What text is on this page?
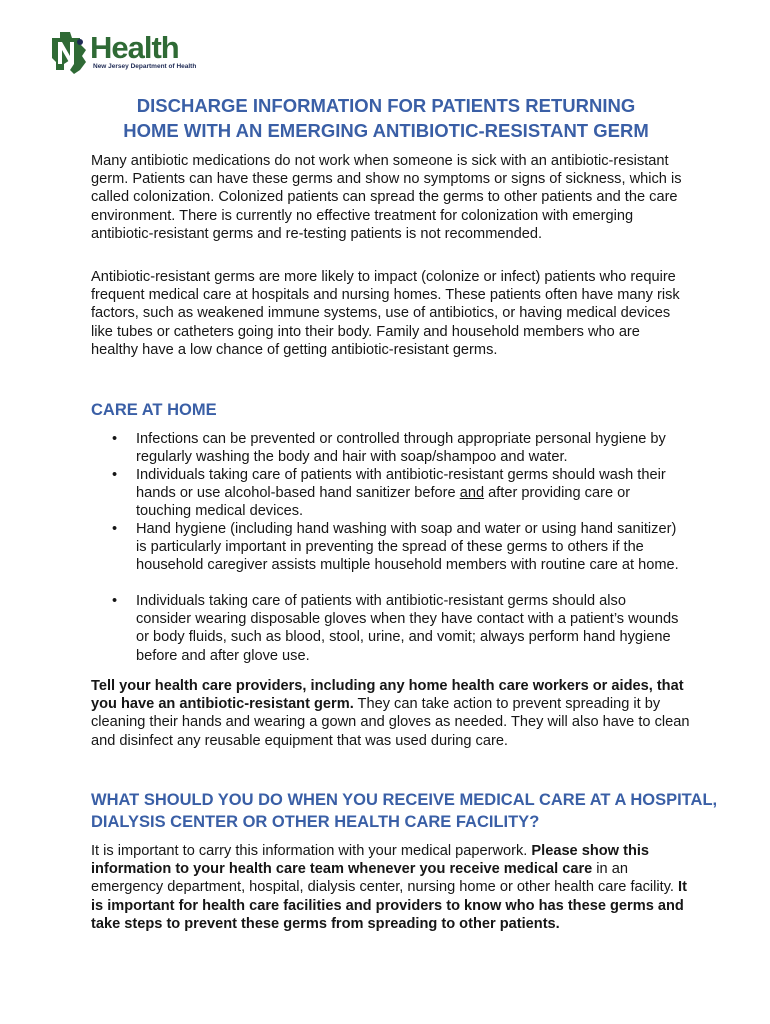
Health
New Jersey Department of Health
DISCHARGE INFORMATION FOR PATIENTS RETURNING
HOME WITH AN EMERGING ANTIBIOTIC-RESISTANT GERM

Many antibiotic medications do not work when someone is sick with an antibiotic-resistant germ. Patients can have these germs and show no symptoms or signs of sickness, which is called colonization. Colonized patients can spread the germs to other patients and the care environment. There is currently no effective treatment for colonization with emerging antibiotic-resistant germs and re-testing patients is not recommended.

Antibiotic-resistant germs are more likely to impact (colonize or infect) patients who require frequent medical care at hospitals and nursing homes. These patients often have many risk factors, such as weakened immune systems, use of antibiotics, or having medical devices like tubes or catheters going into their body. Family and household members who are healthy have a low chance of getting antibiotic-resistant germs.

CARE AT HOME
• Infections can be prevented or controlled through appropriate personal hygiene by regularly washing the body and hair with soap/shampoo and water.
• Individuals taking care of patients with antibiotic-resistant germs should wash their hands or use alcohol-based hand sanitizer before and after providing care or touching medical devices.
• Hand hygiene (including hand washing with soap and water or using hand sanitizer) is particularly important in preventing the spread of these germs to others if the household caregiver assists multiple household members with routine care at home.
• Individuals taking care of patients with antibiotic-resistant germs should also consider wearing disposable gloves when they have contact with a patient’s wounds or body fluids, such as blood, stool, urine, and vomit; always perform hand hygiene before and after glove use.

Tell your health care providers, including any home health care workers or aides, that you have an antibiotic-resistant germ. They can take action to prevent spreading it by cleaning their hands and wearing a gown and gloves as needed. They will also have to clean and disinfect any reusable equipment that was used during care.

WHAT SHOULD YOU DO WHEN YOU RECEIVE MEDICAL CARE AT A HOSPITAL, DIALYSIS CENTER OR OTHER HEALTH CARE FACILITY?

It is important to carry this information with your medical paperwork. Please show this information to your health care team whenever you receive medical care in an emergency department, hospital, dialysis center, nursing home or other health care facility. It is important for health care facilities and providers to know who has these germs and take steps to prevent these germs from spreading to other patients.
